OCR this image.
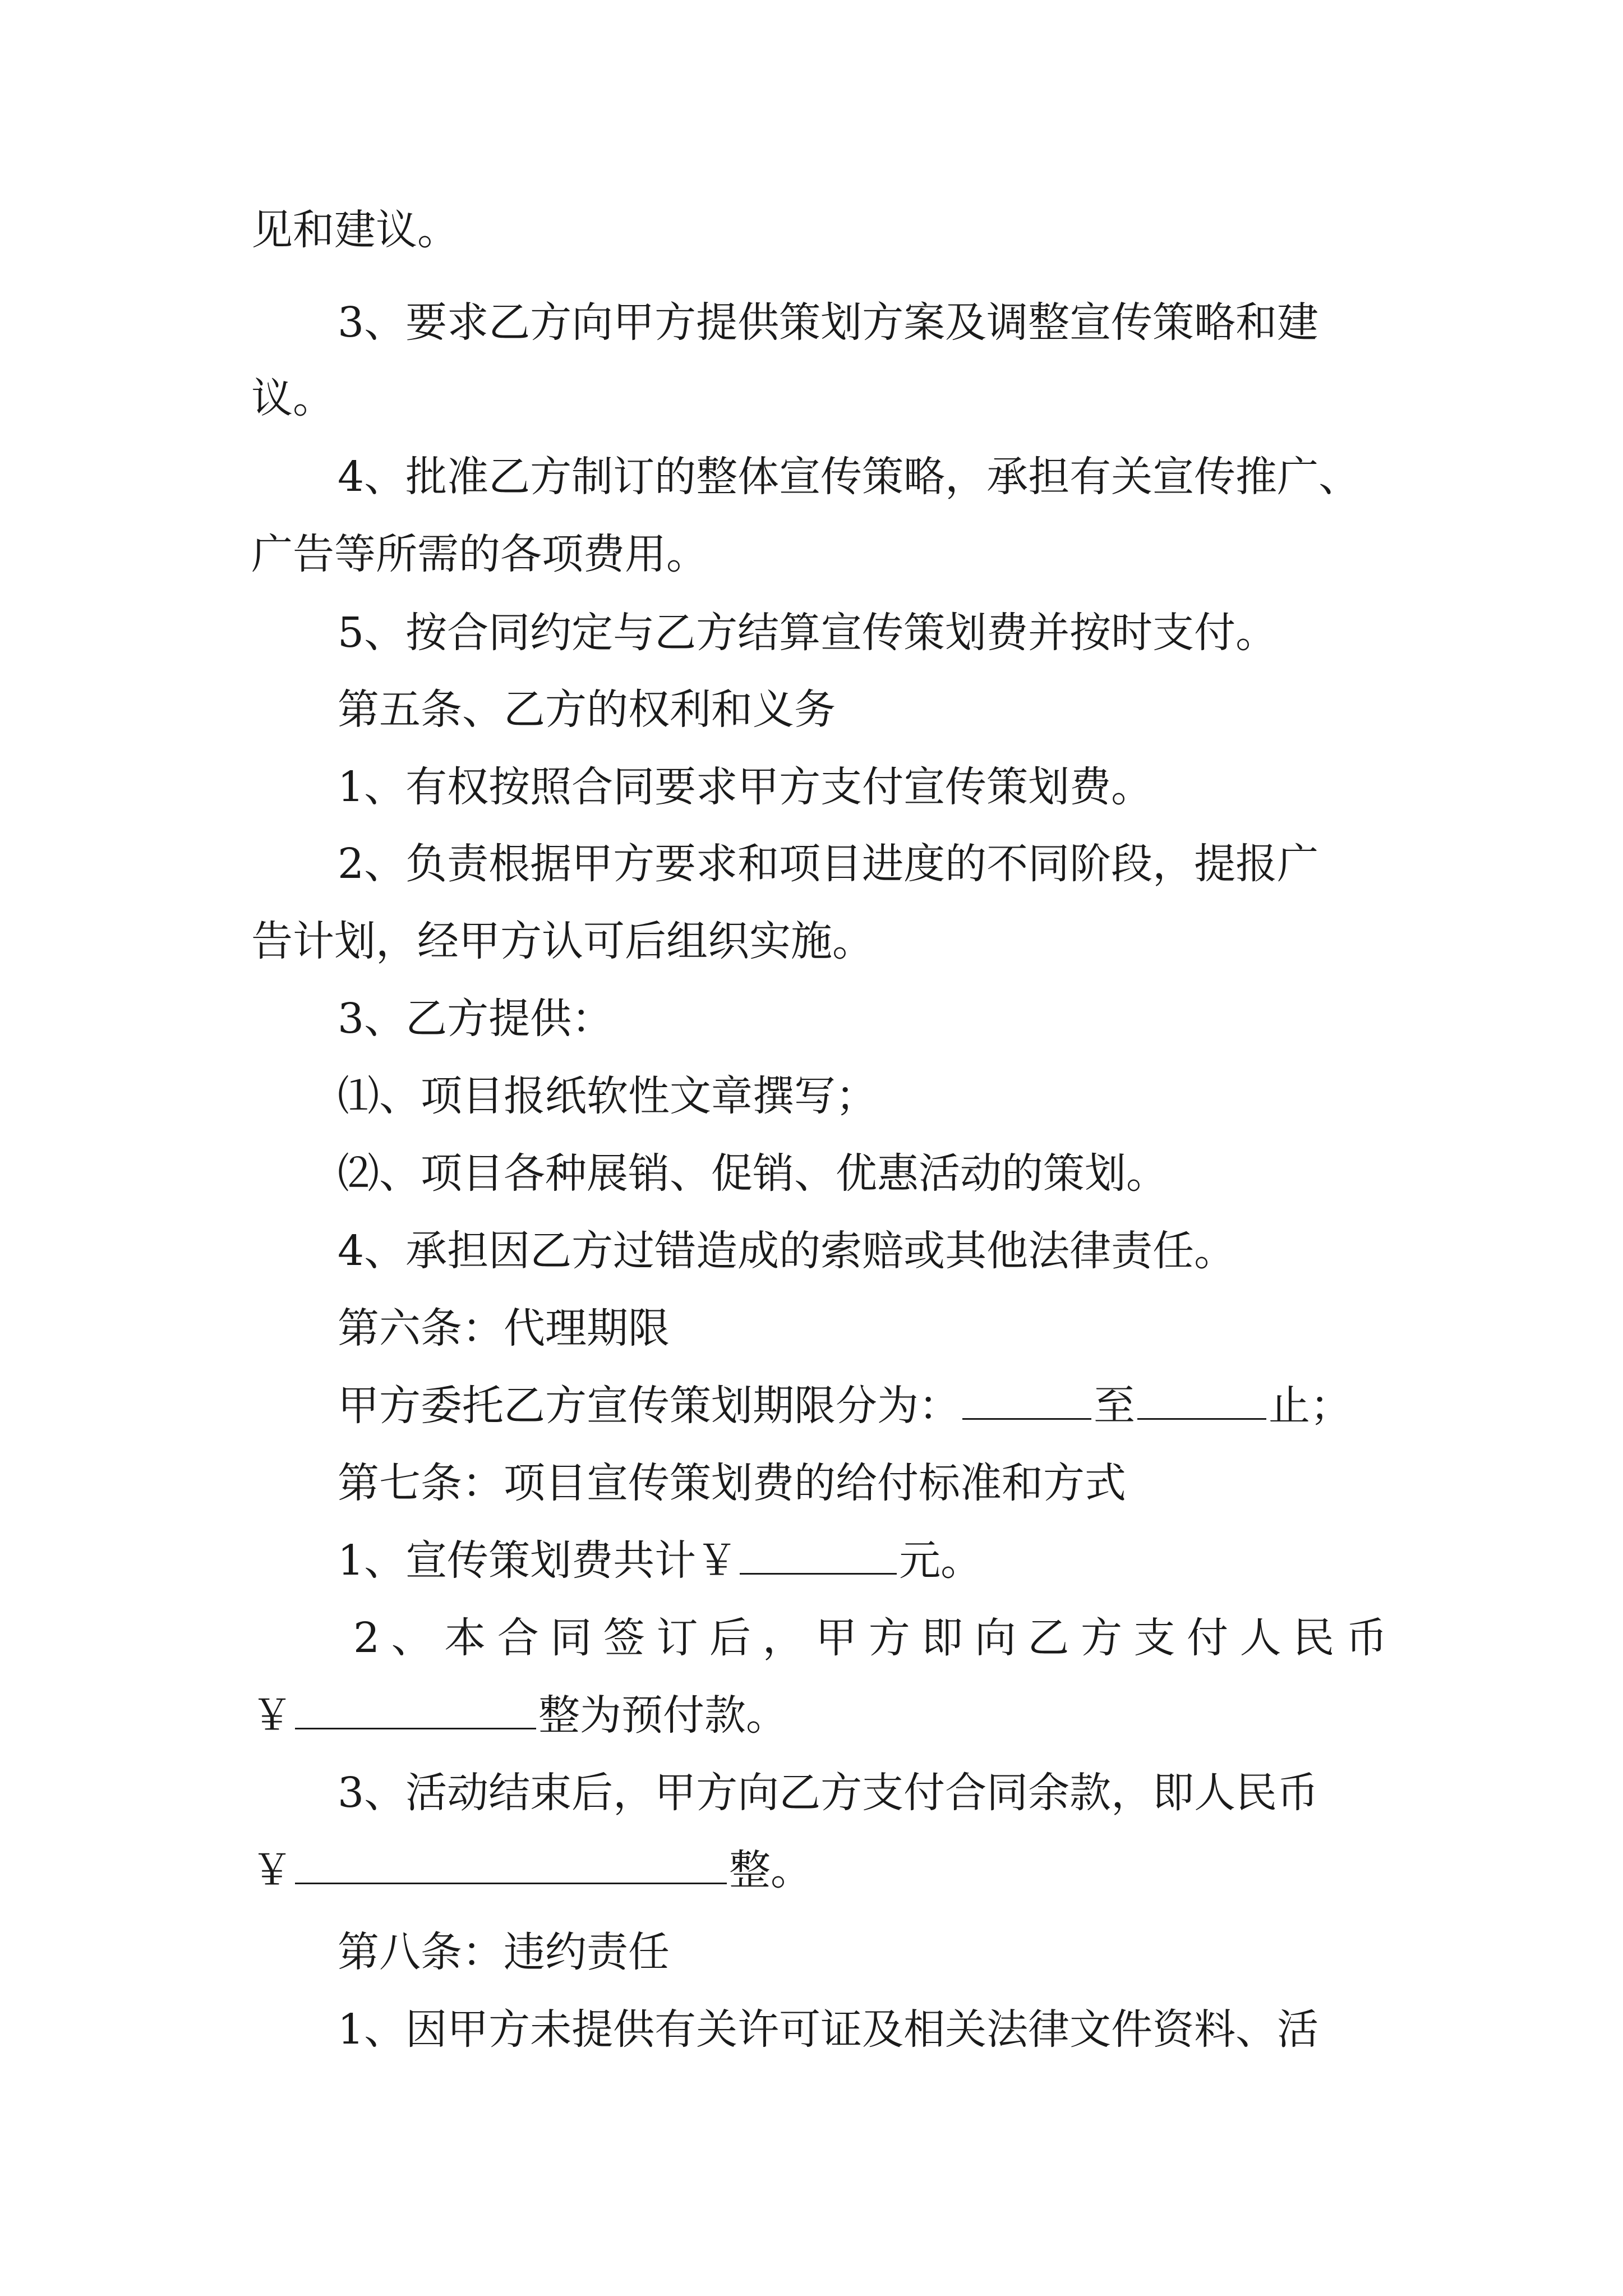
见和建议。
3、要求乙方向甲方提供策划方案及调整宣传策略和建
议。
4、批准乙方制订的整体宣传策略，承担有关宣传推广、
广告等所需的各项费用。
5、按合同约定与乙方结算宣传策划费并按时支付。
第五条、乙方的权利和义务
1、有权按照合同要求甲方支付宣传策划费。
2、负责根据甲方要求和项目进度的不同阶段，提报广
告计划，经甲方认可后组织实施。
3、乙方提供：
⑴、项目报纸软性文章撰写；
⑵、项目各种展销、促销、优惠活动的策划。
4、承担因乙方过错造成的索赔或其他法律责任。
第六条：代理期限
甲方委托乙方宣传策划期限分为：	至	止；
第七条：项目宣传策划费的给付标准和方式
1、宣传策划费共计￥	元。
2 、 本 合 同 签 订 后 ， 甲 方 即 向 乙 方 支 付 人 民 币
￥	整为预付款。
3、活动结束后，甲方向乙方支付合同余款，即人民币
￥	整。
第八条：违约责任
1、因甲方未提供有关许可证及相关法律文件资料、活
